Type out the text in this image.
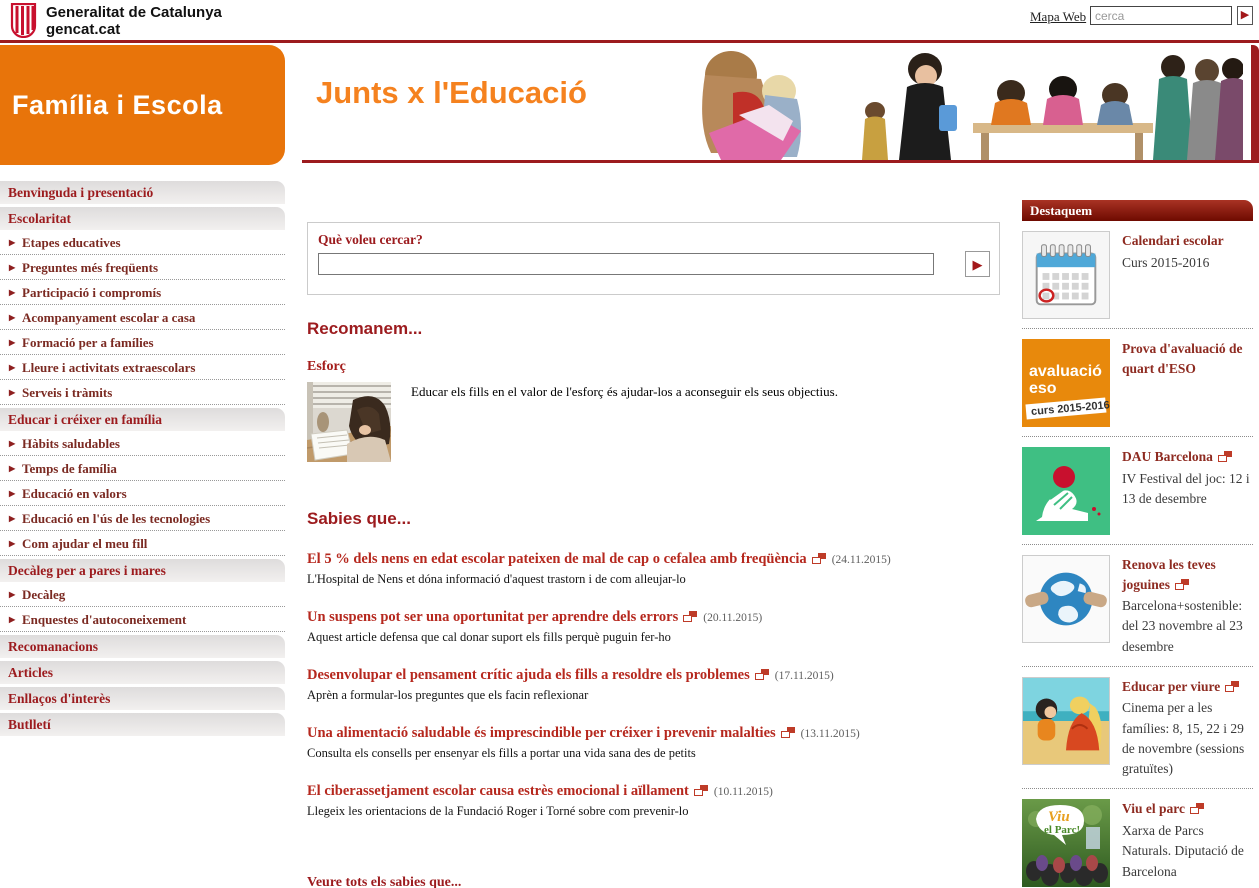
Generalitat de Catalunya
gencat.cat
Mapa Web
cerca	▶
Família i Escola
Benvinguda i presentació
Escolaritat
▶ Etapes educatives
▶ Preguntes més freqüents
▶ Participació i compromís
▶ Acompanyament escolar a casa
▶ Formació per a famílies
▶ Lleure i activitats extraescolars
▶ Serveis i tràmits
Educar i créixer en família
▶ Hàbits saludables
▶ Temps de família
▶ Educació en valors
▶ Educació en l'ús de les tecnologies
▶ Com ajudar el meu fill
Decàleg per a pares i mares
▶ Decàleg
▶ Enquestes d'autoconeixement
Recomanacions
Articles
Enllaços d'interès
Butlletí
Junts x l'Educació
Què voleu cercar?
▶
Recomanem...
Esforç
Educar els fills en el valor de l'esforç és ajudar-los a aconseguir els seus objectius.
Sabies que...
El 5 % dels nens en edat escolar pateixen de mal de cap o cefalea amb freqüència (24.11.2015)
L'Hospital de Nens et dóna informació d'aquest trastorn i de com alleujar-lo
Un suspens pot ser una oportunitat per aprendre dels errors (20.11.2015)
Aquest article defensa que cal donar suport els fills perquè puguin fer-ho
Desenvolupar el pensament crític ajuda els fills a resoldre els problemes (17.11.2015)
Aprèn a formular-los preguntes que els facin reflexionar
Una alimentació saludable és imprescindible per créixer i prevenir malalties (13.11.2015)
Consulta els consells per ensenyar els fills a portar una vida sana des de petits
El ciberassetjament escolar causa estrès emocional i aïllament (10.11.2015)
Llegeix les orientacions de la Fundació Roger i Torné sobre com prevenir-lo
Veure tots els sabies que...
Destaquem
Calendari escolar
Curs 2015-2016
avaluació
eso
curs 2015-2016
Prova d'avaluació de quart d'ESO
DAU Barcelona
IV Festival del joc: 12 i 13 de desembre
Renova les teves joguines
Barcelona+sostenible: del 23 novembre al 23 desembre
Educar per viure
Cinema per a les famílies: 8, 15, 22 i 29 de novembre (sessions gratuïtes)
Viu
el Parc!
Viu el parc
Xarxa de Parcs Naturals. Diputació de Barcelona
